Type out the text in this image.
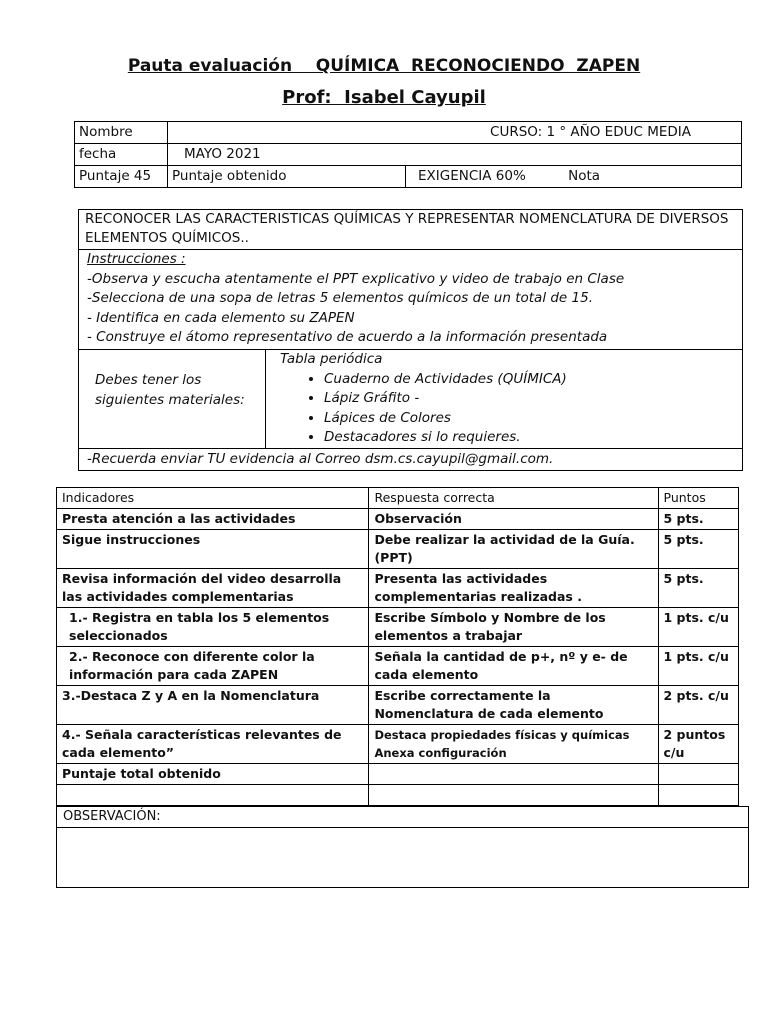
Pauta evaluación    QUÍMICA  RECONOCIENDO  ZAPEN
Prof:  Isabel Cayupil
Nombre	CURSO: 1 ° AÑO EDUC MEDIA	
fecha	MAYO 2021	
Puntaje 45	Puntaje obtenido	EXIGENCIA 60% Nota
RECONOCER LAS CARACTERISTICAS QUÍMICAS Y REPRESENTAR NOMENCLATURA DE DIVERSOS ELEMENTOS QUÍMICOS..
Instrucciones :
-Observa y escucha atentamente el PPT explicativo y video de trabajo en Clase
-Selecciona de una sopa de letras 5 elementos químicos de un total de 15.
- Identifica en cada elemento su ZAPEN
- Construye el átomo representativo de acuerdo a la información presentada
Debes tener los siguientes materiales:
Tabla periódica
• Cuaderno de Actividades (QUÍMICA)
• Lápiz Gráfito -
• Lápices de Colores
• Destacadores si lo requieres.
-Recuerda enviar TU evidencia al Correo dsm.cs.cayupil@gmail.com.
Indicadores	Respuesta correcta	Puntos
Presta atención a las actividades	Observación	5 pts.
Sigue instrucciones	Debe realizar la actividad de la Guía. (PPT)	5 pts.
Revisa información del video desarrolla las actividades complementarias	Presenta las actividades complementarias realizadas .	5 pts.
1.- Registra en tabla los 5 elementos seleccionados	Escribe Símbolo y Nombre de los elementos a trabajar	1 pts. c/u
2.- Reconoce con diferente color la información para cada ZAPEN	Señala la cantidad de p+, nº y e- de cada elemento	1 pts. c/u
3.-Destaca Z y A en la Nomenclatura	Escribe correctamente la Nomenclatura de cada elemento	2 pts. c/u
4.- Señala características relevantes de cada elemento”	Destaca propiedades físicas y químicas
Anexa configuración	2 puntos c/u
Puntaje total obtenido		

OBSERVACIÓN:
